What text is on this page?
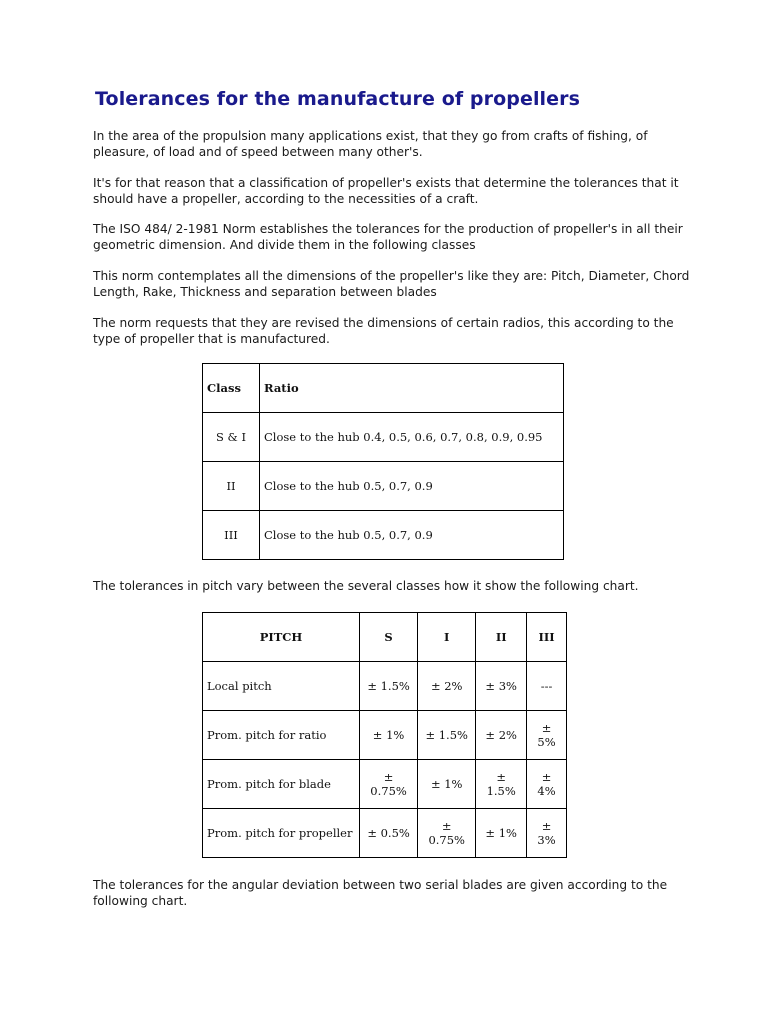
Tolerances for the manufacture of propellers

In the area of the propulsion many applications exist, that they go from crafts of fishing, of pleasure, of load and of speed between many other's.

It's for that reason that a classification of propeller's exists that determine the tolerances that it should have a propeller, according to the necessities of a craft.

The ISO 484/ 2-1981 Norm establishes the tolerances for the production of propeller's in all their geometric dimension. And divide them in the following classes

This norm contemplates all the dimensions of the propeller's like they are: Pitch, Diameter, Chord Length, Rake, Thickness and separation between blades

The norm requests that they are revised the dimensions of certain radios, this according to the type of propeller that is manufactured.

Class	Ratio
S & I	Close to the hub 0.4, 0.5, 0.6, 0.7, 0.8, 0.9, 0.95
II	Close to the hub 0.5, 0.7, 0.9
III	Close to the hub 0.5, 0.7, 0.9

The tolerances in pitch vary between the several classes how it show the following chart.

PITCH	S	I	II	III
Local pitch	± 1.5%	± 2%	± 3%	---
Prom. pitch for ratio	± 1%	± 1.5%	± 2%	± 5%
Prom. pitch for blade	± 0.75%	± 1%	± 1.5%	± 4%
Prom. pitch for propeller	± 0.5%	± 0.75%	± 1%	± 3%

The tolerances for the angular deviation between two serial blades are given according to the following chart.
